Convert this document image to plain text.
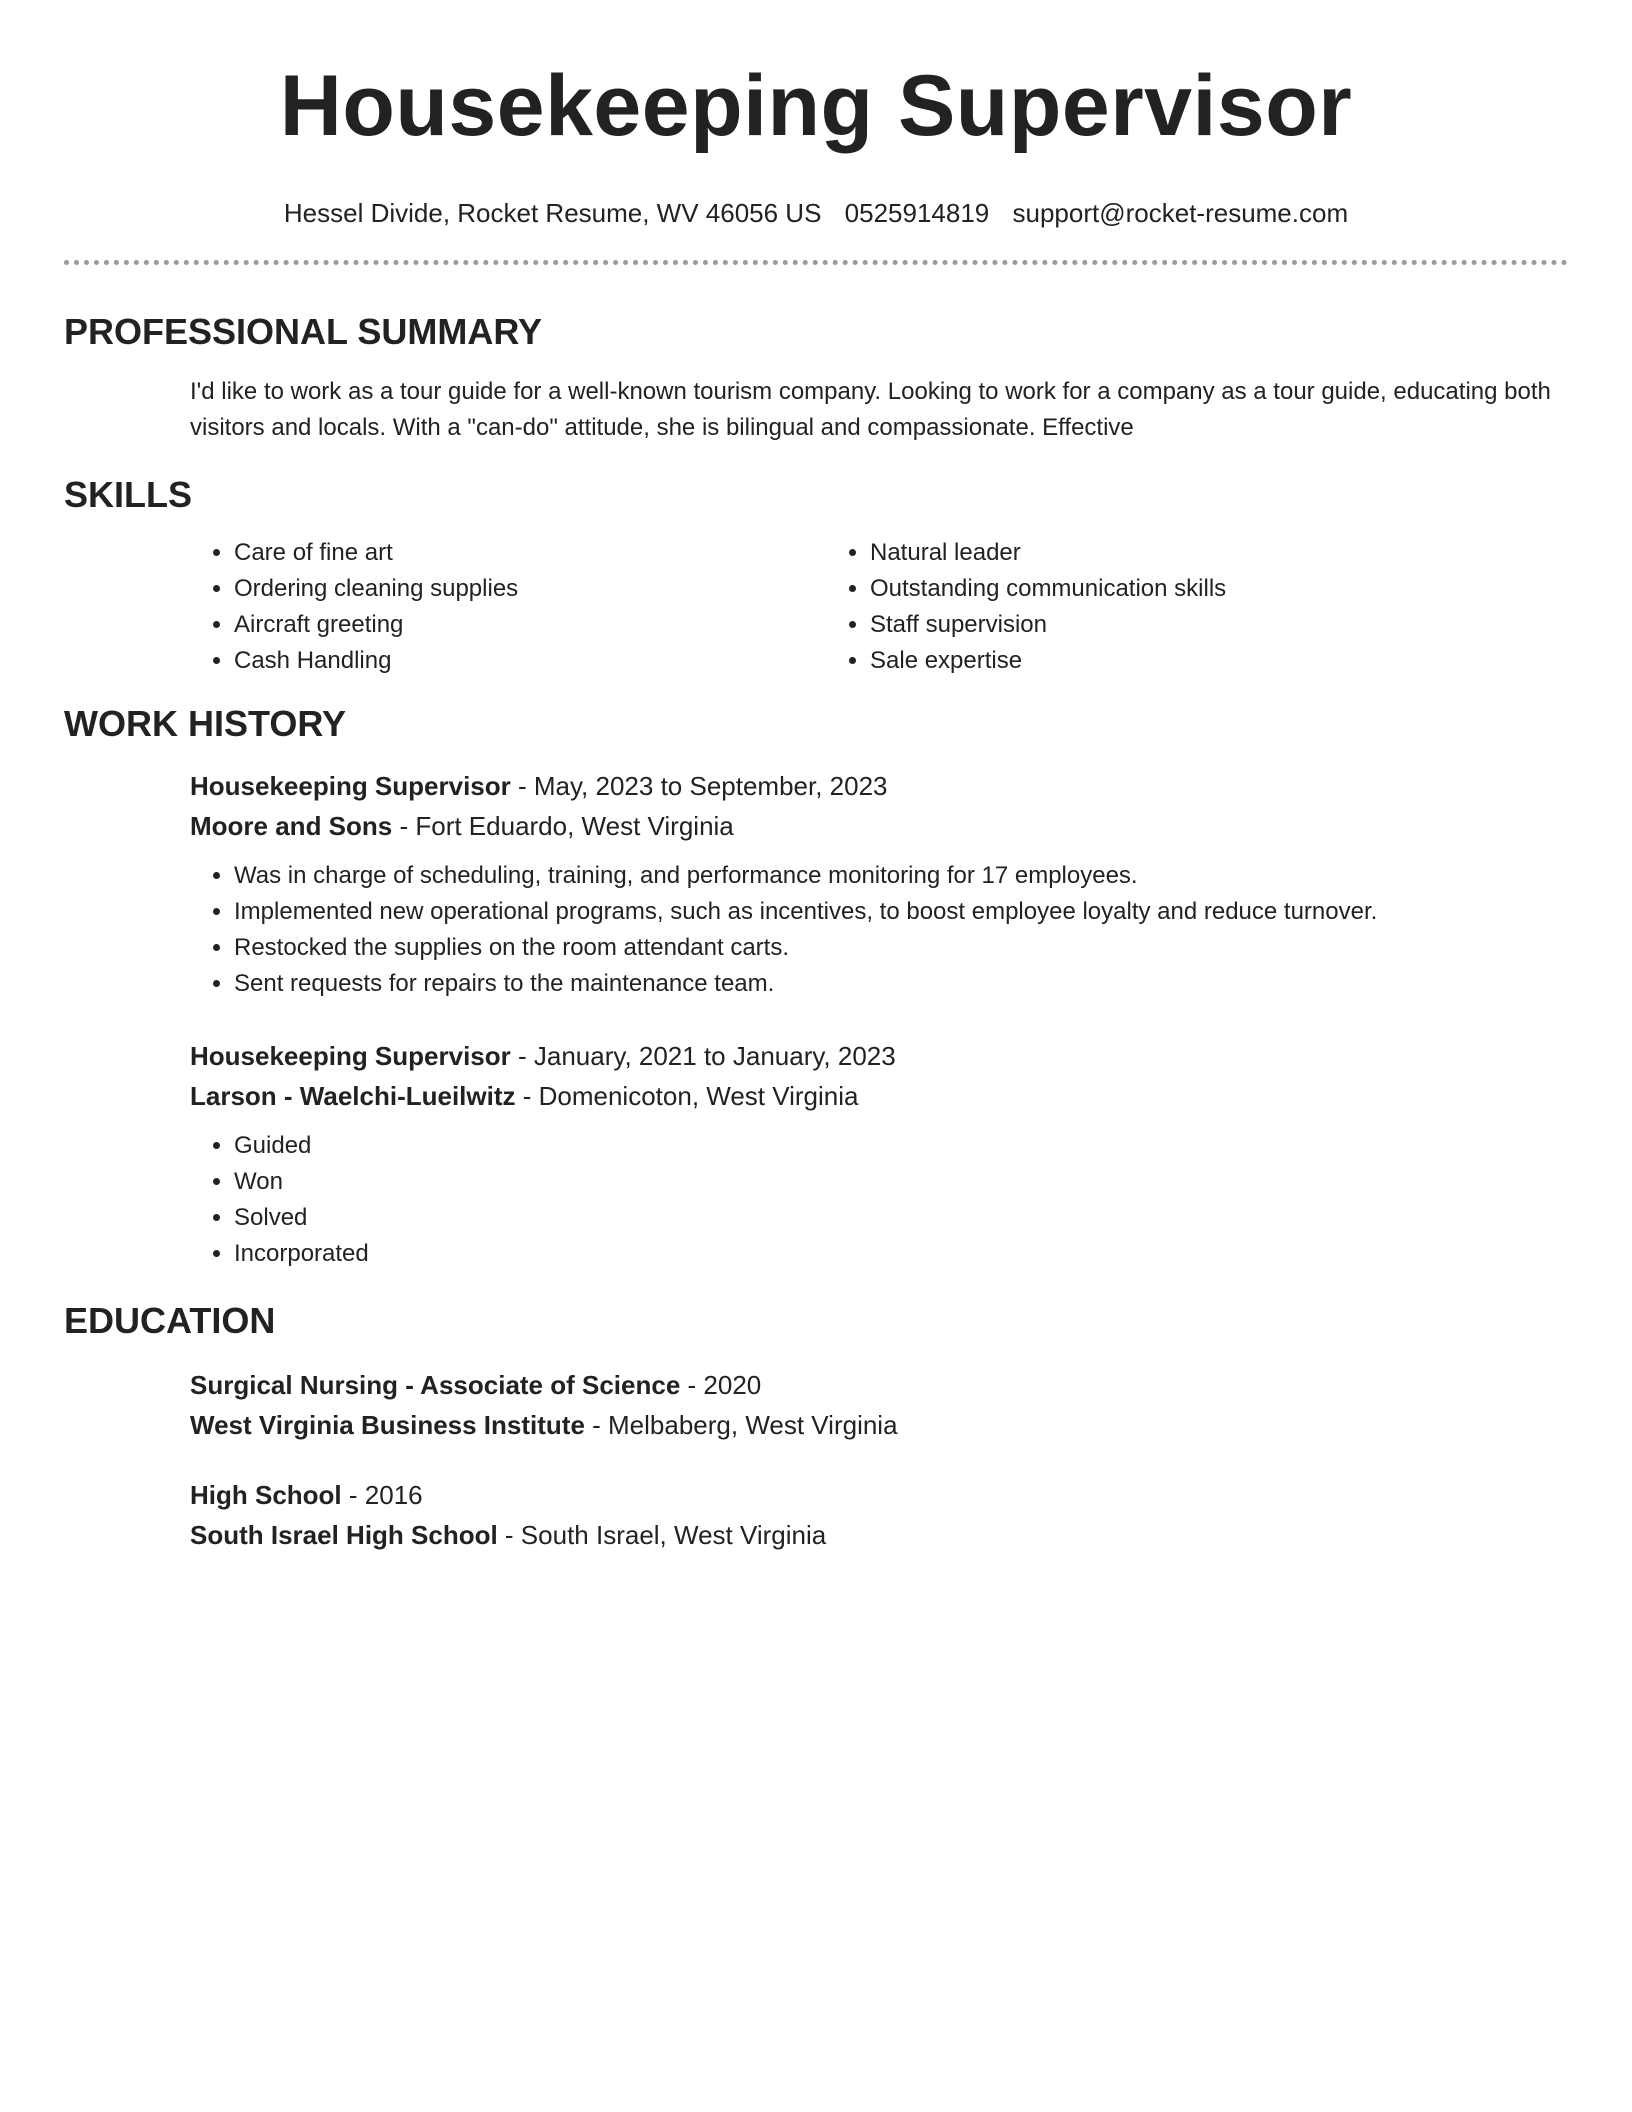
Housekeeping Supervisor
Hessel Divide, Rocket Resume, WV 46056 US 0525914819 support@rocket-resume.com
PROFESSIONAL SUMMARY

I'd like to work as a tour guide for a well-known tourism company. Looking to work for a company as a tour guide, educating both visitors and locals. With a "can-do" attitude, she is bilingual and compassionate. Effective

SKILLS
• Care of fine art
• Ordering cleaning supplies
• Aircraft greeting
• Cash Handling
• Natural leader
• Outstanding communication skills
• Staff supervision
• Sale expertise
WORK HISTORY
Housekeeping Supervisor - May, 2023 to September, 2023
Moore and Sons - Fort Eduardo, West Virginia
• Was in charge of scheduling, training, and performance monitoring for 17 employees.
• Implemented new operational programs, such as incentives, to boost employee loyalty and reduce turnover.
• Restocked the supplies on the room attendant carts.
• Sent requests for repairs to the maintenance team.
Housekeeping Supervisor - January, 2021 to January, 2023
Larson - Waelchi-Lueilwitz - Domenicoton, West Virginia
• Guided
• Won
• Solved
• Incorporated
EDUCATION
Surgical Nursing - Associate of Science - 2020
West Virginia Business Institute - Melbaberg, West Virginia
High School - 2016
South Israel High School - South Israel, West Virginia
